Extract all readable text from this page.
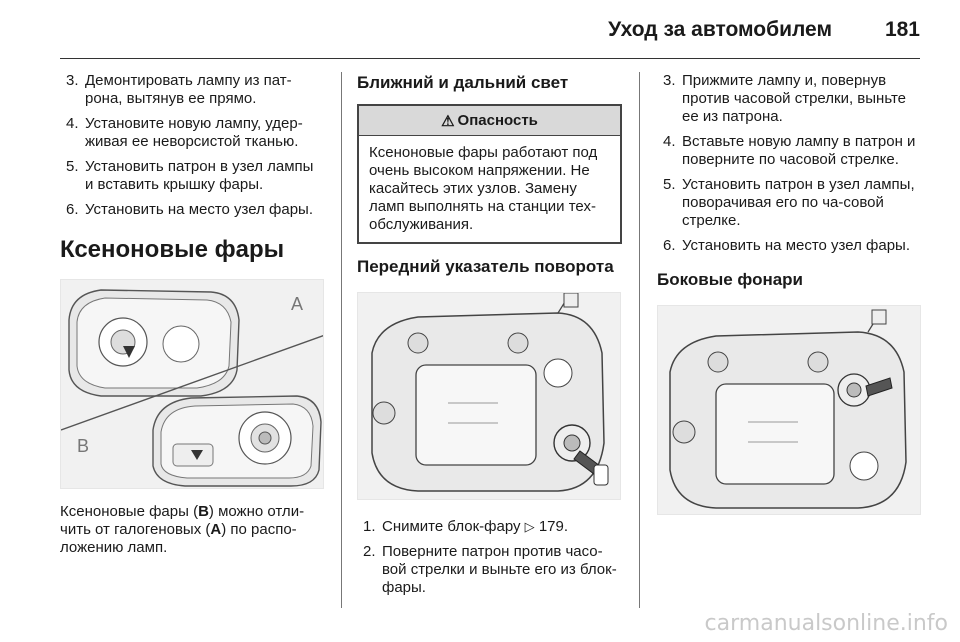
Уход за автомобилем	181
3. Демонтировать лампу из пат-рона, вытянув ее прямо.
4. Установите новую лампу, удер-живая ее неворсистой тканью.
5. Установить патрон в узел лампы и вставить крышку фары.
6. Установить на место узел фары.
Ксеноновые фары
A
B

Ксеноновые фары (B) можно отли-чить от галогеновых (A) по распо-ложению ламп.

Ближний и дальний свет
⚠ Опасность
Ксеноновые фары работают под очень высоком напряжении. Не касайтесь этих узлов. Замену ламп выполнять на станции тех-обслуживания.
Передний указатель поворота
1. Снимите блок-фару ▷ 179.
2. Поверните патрон против часо-вой стрелки и выньте его из блок-фары.
3. Прижмите лампу и, повернув против часовой стрелки, выньте ее из патрона.
4. Вставьте новую лампу в патрон и поверните по часовой стрелке.
5. Установить патрон в узел лампы, поворачивая его по ча-совой стрелке.
6. Установить на место узел фары.
Боковые фонари
carmanualsonline.info
